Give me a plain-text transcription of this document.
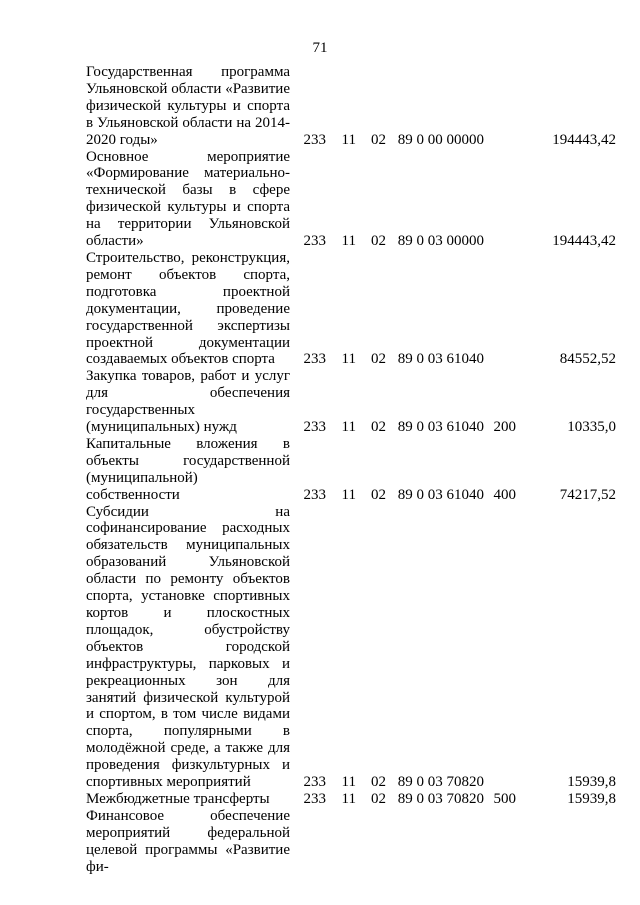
71
Государственная программа Ульяновской области «Развитие физической культуры и спорта в Ульяновской области на 2014-2020 годы»	233	11	02	89 0 00 00000		194443,42
Основное мероприятие «Формирование материально-технической базы в сфере физической культуры и спорта на территории Ульяновской области»	233	11	02	89 0 03 00000		194443,42
Строительство, реконструкция, ремонт объектов спорта, подготовка проектной документации, проведение государственной экспертизы проектной документации создаваемых объектов спорта	233	11	02	89 0 03 61040		84552,52
Закупка товаров, работ и услуг для обеспечения государственных (муниципальных) нужд	233	11	02	89 0 03 61040	200	10335,0
Капитальные вложения в объекты государственной (муниципальной) собственности	233	11	02	89 0 03 61040	400	74217,52
Субсидии на софинансирование расходных обязательств муниципальных образований Ульяновской области по ремонту объектов спорта, установке спортивных кортов и плоскостных площадок, обустройству объектов городской инфраструктуры, парковых и рекреационных зон для занятий физической культурой и спортом, в том числе видами спорта, популярными в молодёжной среде, а также для проведения физкультурных и спортивных мероприятий	233	11	02	89 0 03 70820		15939,8
Межбюджетные трансферты	233	11	02	89 0 03 70820	500	15939,8
Финансовое обеспечение мероприятий федеральной целевой программы «Развитие фи-						
